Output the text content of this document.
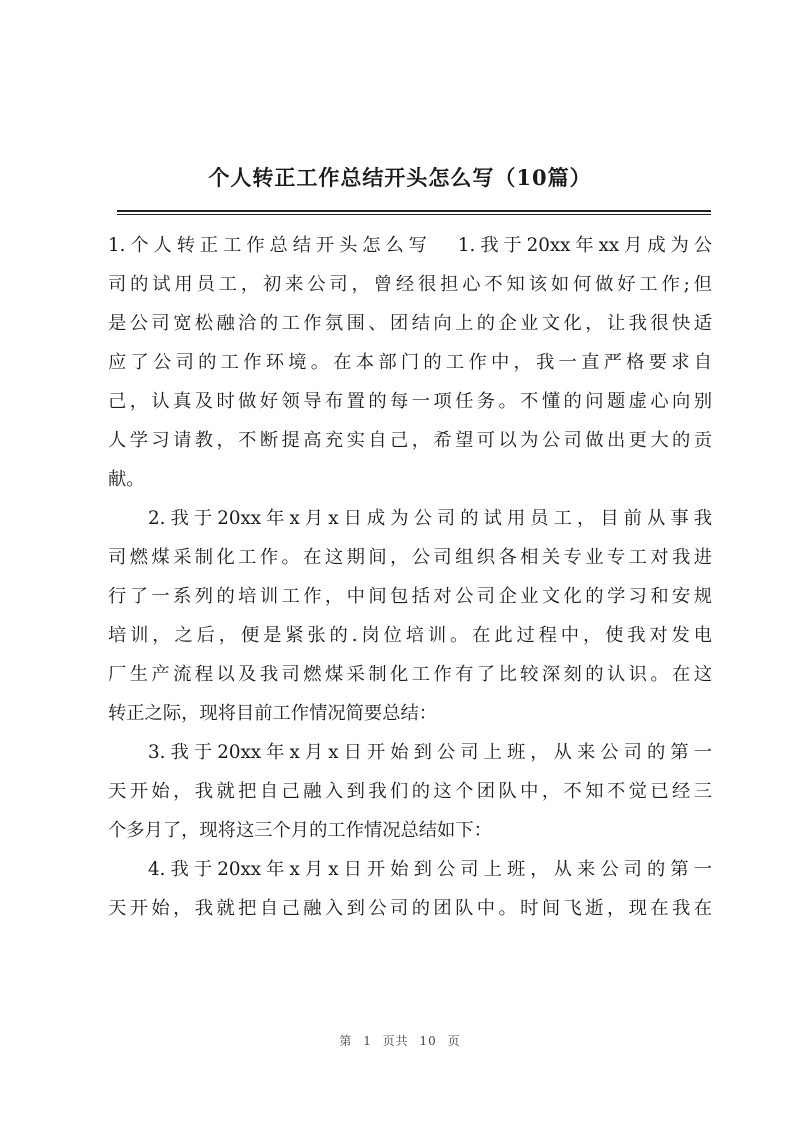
个人转正工作总结开头怎么写（10篇）
1.个人转正工作总结开头怎么写 1.我于20xx年xx月成为公
司的试用员工，初来公司，曾经很担心不知该如何做好工作;但
是公司宽松融洽的工作氛围、团结向上的企业文化，让我很快适
应了公司的工作环境。在本部门的工作中，我一直严格要求自
己，认真及时做好领导布置的每一项任务。不懂的问题虚心向别
人学习请教，不断提高充实自己，希望可以为公司做出更大的贡
献。
2.我于20xx年x月x日成为公司的试用员工，目前从事我
司燃煤采制化工作。在这期间，公司组织各相关专业专工对我进
行了一系列的培训工作，中间包括对公司企业文化的学习和安规
培训，之后，便是紧张的.岗位培训。在此过程中，使我对发电
厂生产流程以及我司燃煤采制化工作有了比较深刻的认识。在这
转正之际，现将目前工作情况简要总结：
3.我于20xx年x月x日开始到公司上班，从来公司的第一
天开始，我就把自己融入到我们的这个团队中，不知不觉已经三
个多月了，现将这三个月的工作情况总结如下：
4.我于20xx年x月x日开始到公司上班，从来公司的第一
天开始，我就把自己融入到公司的团队中。时间飞逝，现在我在
第 1 页共 10 页
